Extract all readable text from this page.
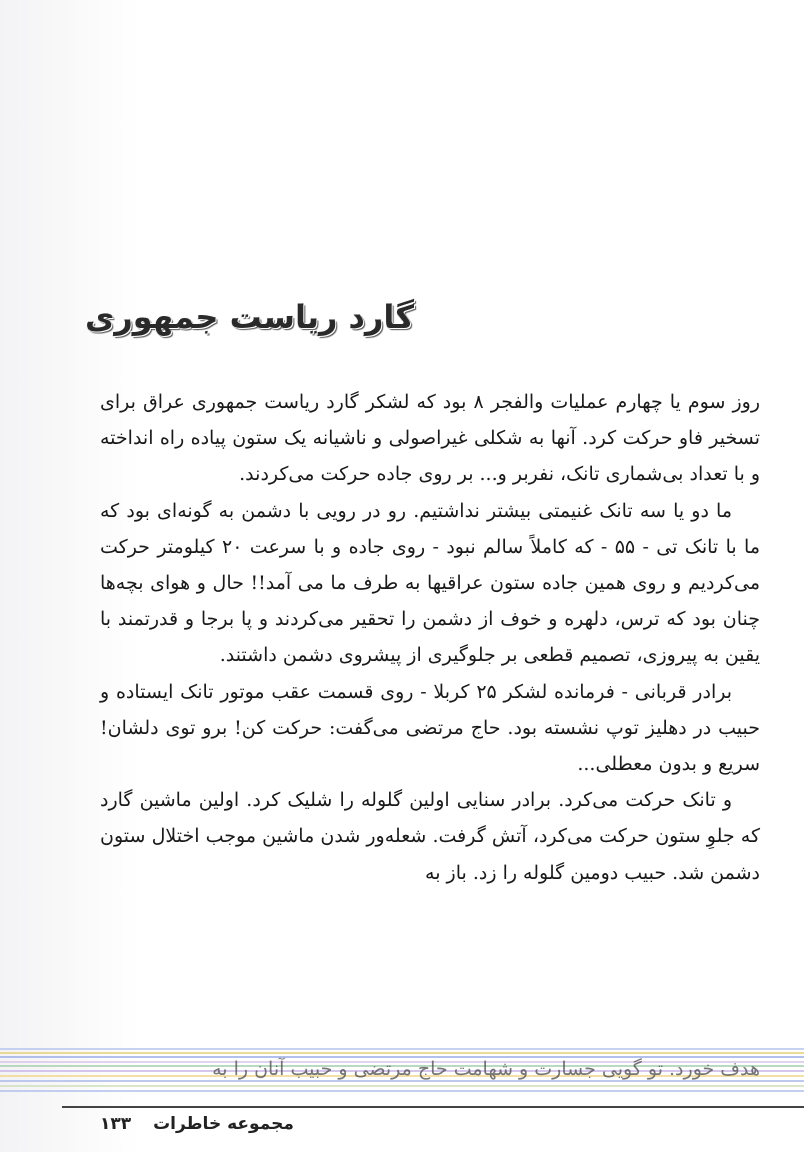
گارد ریاست جمهوری

روز سوم یا چهارم عملیات والفجر ۸ بود که لشکر گارد ریاست جمهوری عراق برای تسخیر فاو حرکت کرد. آنها به شکلی غیراصولی و ناشیانه یک ستون پیاده راه انداخته و با تعداد بی‌شماری تانک، نفربر و... بر روی جاده حرکت می‌کردند.

ما دو یا سه تانک غنیمتی بیشتر نداشتیم. رو در رویی با دشمن به گونه‌ای بود که ما با تانک تی - ۵۵ - که کاملاً سالم نبود - روی جاده و با سرعت ۲۰ کیلومتر حرکت می‌کردیم و روی همین جاده ستون عراقیها به طرف ما می آمد!! حال و هوای بچه‌ها چنان بود که ترس، دلهره و خوف از دشمن را تحقیر می‌کردند و پا برجا و قدرتمند با یقین به پیروزی، تصمیم قطعی بر جلوگیری از پیشروی دشمن داشتند.

برادر قربانی - فرمانده لشکر ۲۵ کربلا - روی قسمت عقب موتور تانک ایستاده و حبیب در دهلیز توپ نشسته بود. حاج مرتضی می‌گفت: حرکت کن! برو توی دلشان! سریع و بدون معطلی...

و تانک حرکت می‌کرد. برادر سنایی اولین گلوله را شلیک کرد. اولین ماشین گارد که جلوِ ستون حرکت می‌کرد، آتش گرفت. شعله‌ور شدن ماشین موجب اختلال ستون دشمن شد. حبیب دومین گلوله را زد. باز به

هدف خورد. تو گویی جسارت و شهامت حاج مرتضی و حبیب آنان را به
مجموعه خاطرات ۱۳۳
